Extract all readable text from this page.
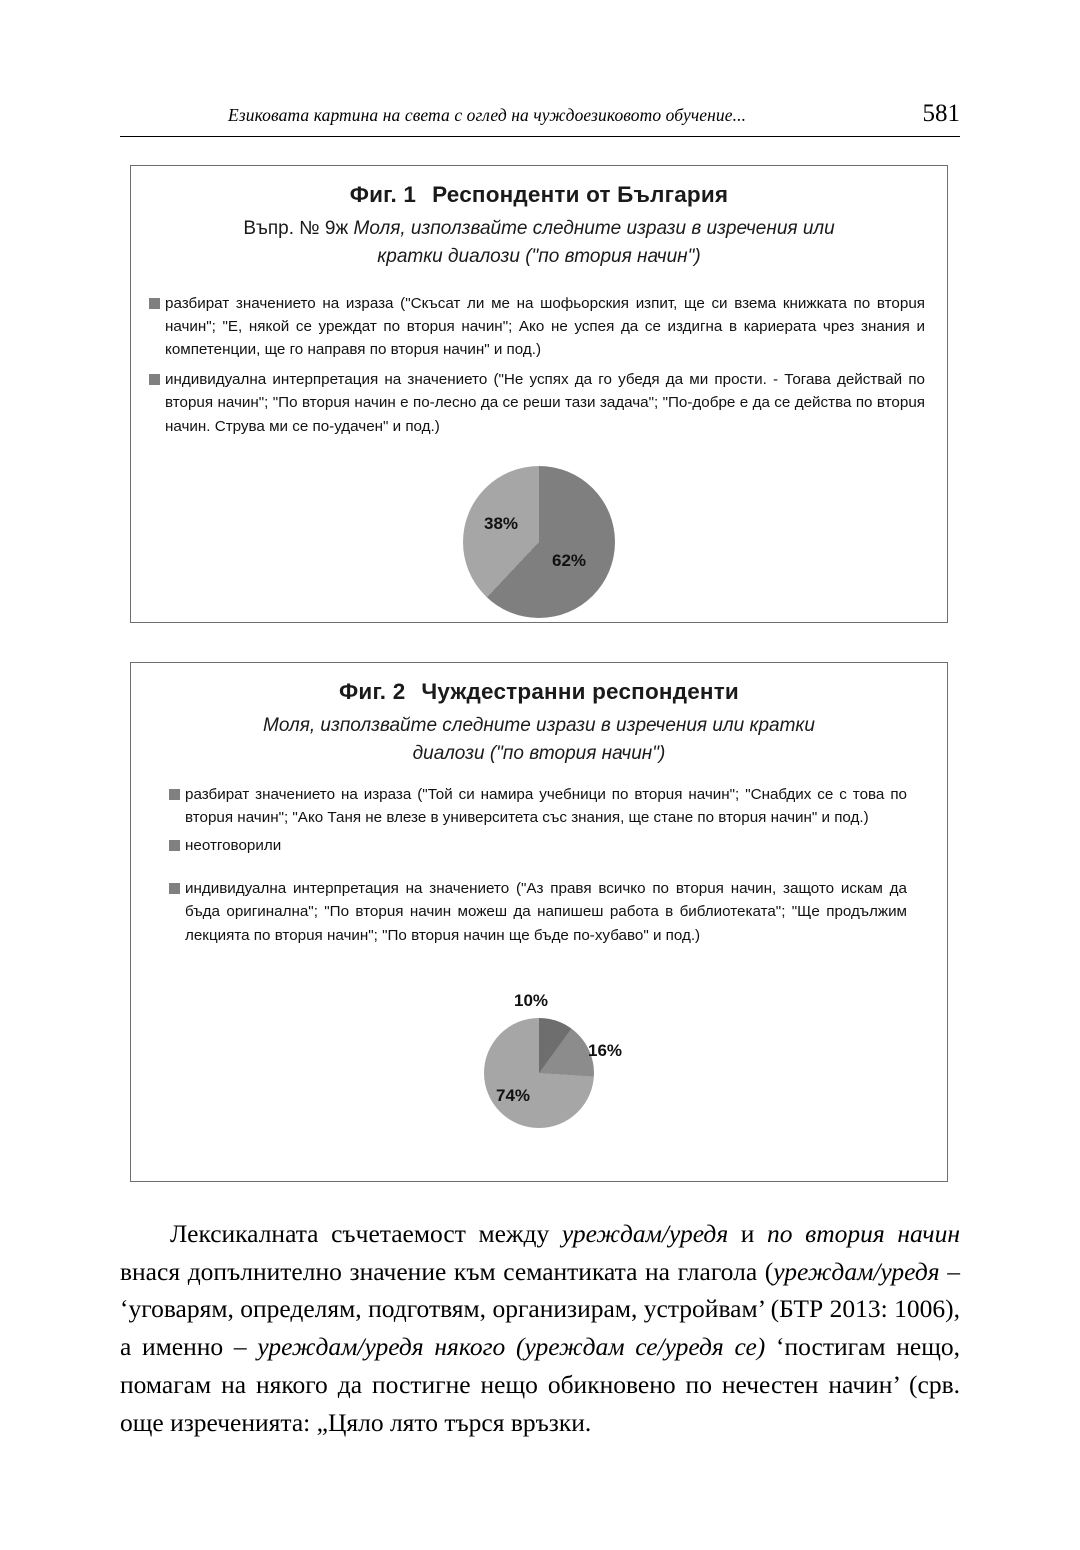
Езиковата картина на света с оглед на чуждоезиковото обучение...	581
Фиг. 1 Респонденти от България
Въпр. № 9ж Моля, използвайте следните изрази в изречения или
кратки диалози ("по вторuя начин")
разбират значението на израза ("Скъсат ли ме на шофьорския изпит, ще си взема книжката по вторuя начин"; "Е, някой се уреждат по вторuя начин"; Ако не успея да се издигна в кариерата чрез знания и компетенции, ще го направя по вторuя начин" и под.)
индивидуална интерпретация на значението ("Не успях да го убедя да ми прости. - Тогава действай по вторuя начин"; "По вторuя начин е по-лесно да се реши тази задача"; "По-добре е да се действа по вторuя начин. Струва ми се по-удачен" и под.)
38%
62%
Фиг. 2 Чуждестранни респонденти
Моля, използвайте следните изрази в изречения или кратки
диалози ("по вторuя начин")
разбират значението на израза ("Той си намира учебници по вторuя начин"; "Снабдих се с това по вторuя начин"; "Ако Таня не влезе в университета със знания, ще стане по вторuя начин" и под.)
неотговорили
индивидуална интерпретация на значението ("Аз правя всичко по вторuя начин, защото искам да бъда оригиналнa"; "По вторuя начин можеш да напишеш работа в библиотеката"; "Ще продължим лекцията по вторuя начин"; "По вторuя начин ще бъде по-хубаво" и под.)
10%
16%
74%

Лексикалната съчетаемост между уреждам/уредя и по вторuя начин внася допълнително значение към семантиката на глагола (уреждам/уредя – ‘уговарям, определям, подготвям, организирам, устройвам’ (БТР 2013: 1006), а именно – уреждам/уредя някого (уреждам се/уредя се) ‘постигам нещо, помагам на някого да постигне нещо обикновено по нечестен начин’ (срв. още изреченията: „Цяло лято търся връзки.
